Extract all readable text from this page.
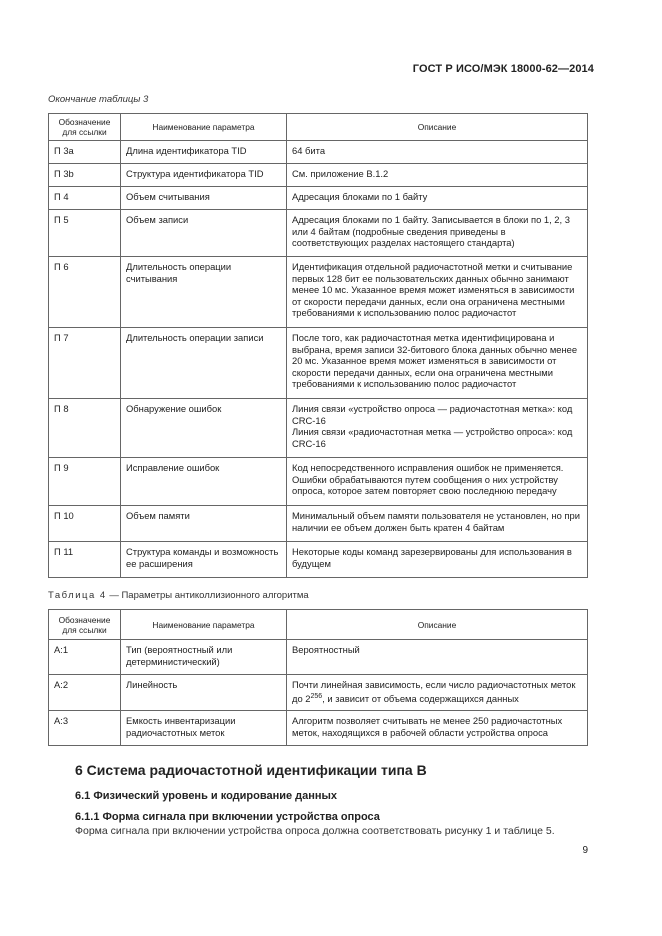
ГОСТ Р ИСО/МЭК 18000-62—2014
Окончание таблицы 3
Обозначение для ссылки	Наименование параметра	Описание
П 3а	Длина идентификатора TID	64 бита
П 3b	Структура идентификатора TID	См. приложение В.1.2
П 4	Объем считывания	Адресация блоками по 1 байту
П 5	Объем записи	Адресация блоками по 1 байту. Записывается в блоки по 1, 2, 3 или 4 байтам (подробные сведения приведены в соответствующих разделах настоящего стандарта)
П 6	Длительность операции считывания	Идентификация отдельной радиочастотной метки и считывание первых 128 бит ее пользовательских данных обычно занимают менее 10 мс. Указанное время может изменяться в зависимости от скорости передачи данных, если она ограничена местными требованиями к использованию полос радиочастот
П 7	Длительность операции записи	После того, как радиочастотная метка идентифицирована и выбрана, время записи 32-битового блока данных обычно менее 20 мс. Указанное время может изменяться в зависимости от скорости передачи данных, если она ограничена местными требованиями к использованию полос радиочастот
П 8	Обнаружение ошибок	Линия связи «устройство опроса — радиочастотная метка»: код CRC-16
Линия связи «радиочастотная метка — устройство опроса»: код CRC-16

П 9	Исправление ошибок	Код непосредственного исправления ошибок не применяется. Ошибки обрабатываются путем сообщения о них устройству опроса, которое затем повторяет свою последнюю передачу
П 10	Объем памяти	Минимальный объем памяти пользователя не установлен, но при наличии ее объем должен быть кратен 4 байтам
П 11	Структура команды и возможность ее расширения	Некоторые коды команд зарезервированы для использования в будущем
Таблица 4 — Параметры антиколлизионного алгоритма
Обозначение для ссылки	Наименование параметра	Описание
А:1	Тип (вероятностный или детерминистический)	Вероятностный
А:2	Линейность	Почти линейная зависимость, если число радиочастотных меток до $2^{256}$, и зависит от объема содержащихся данных
А:3	Емкость инвентаризации радиочастотных меток	Алгоритм позволяет считывать не менее 250 радиочастотных меток, находящихся в рабочей области устройства опроса
6 Система радиочастотной идентификации типа В
6.1 Физический уровень и кодирование данных
6.1.1 Форма сигнала при включении устройства опроса
Форма сигнала при включении устройства опроса должна соответствовать рисунку 1 и таблице 5.
9
